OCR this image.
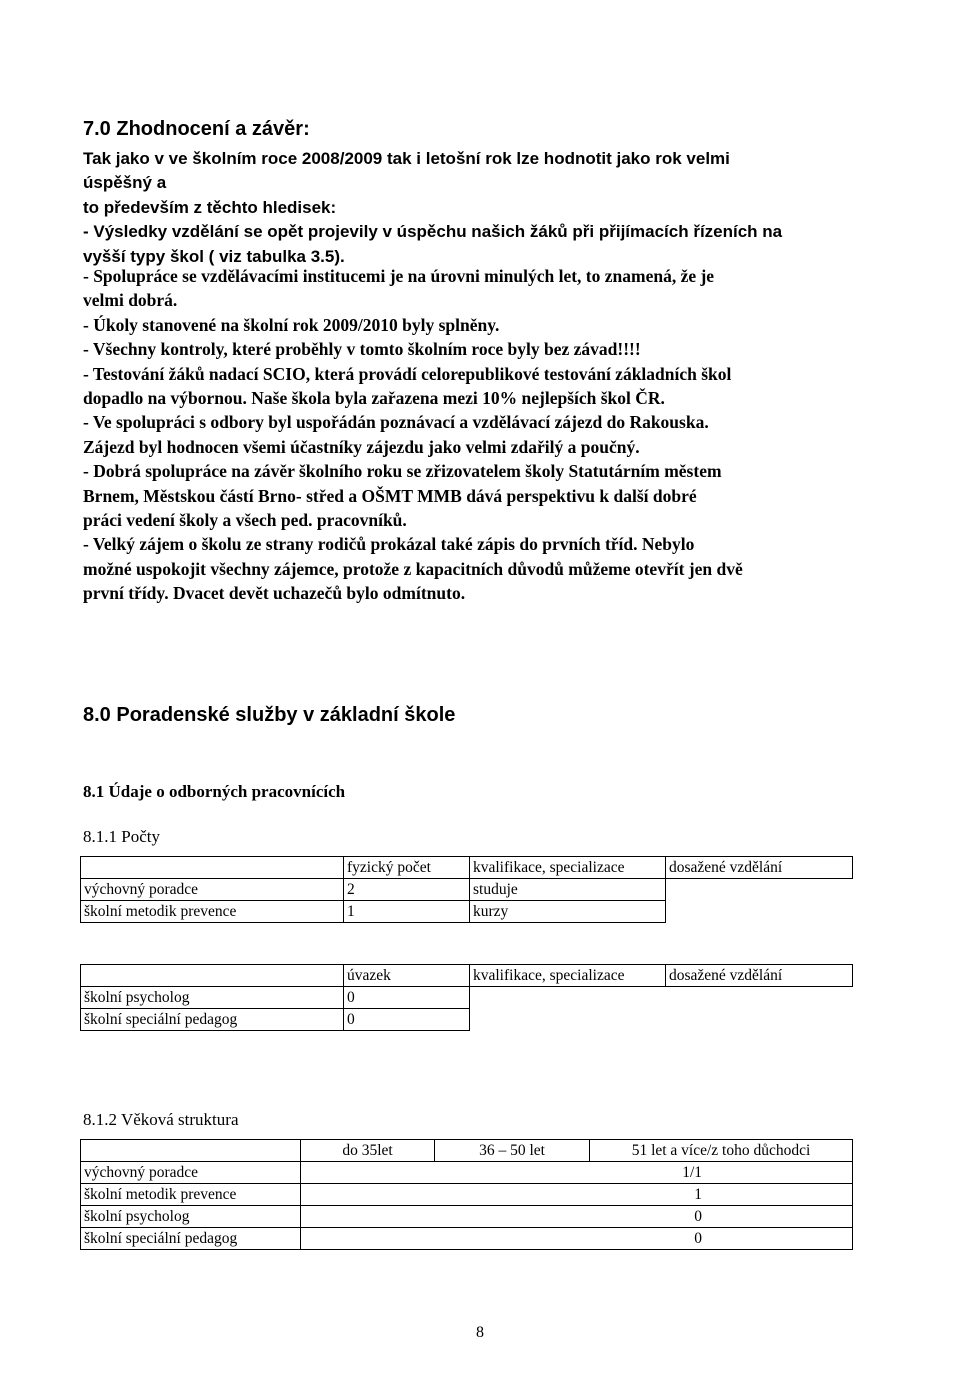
7.0 Zhodnocení a závěr:
Tak jako v ve školním roce 2008/2009 tak i letošní rok lze hodnotit jako rok velmi
úspěšný a
to především z těchto hledisek:
- Výsledky vzdělání se opět projevily v úspěchu našich žáků při přijímacích řízeních na
vyšší typy škol ( viz tabulka 3.5).
- Spolupráce se vzdělávacími institucemi je na úrovni minulých let, to znamená, že je
velmi dobrá.
- Úkoly stanovené na školní rok 2009/2010 byly splněny.
- Všechny kontroly, které proběhly v tomto školním roce byly bez závad!!!!
- Testování žáků nadací SCIO, která provádí celorepublikové testování základních škol
dopadlo na výbornou. Naše škola byla zařazena mezi 10% nejlepších škol ČR.
- Ve spolupráci s odbory byl uspořádán poznávací a vzdělávací zájezd do Rakouska.
Zájezd byl hodnocen všemi účastníky zájezdu jako velmi zdařilý a poučný.
- Dobrá spolupráce na závěr školního roku se zřizovatelem školy Statutárním městem
Brnem, Městskou částí Brno- střed a OŠMT MMB dává perspektivu k další dobré
práci vedení školy a všech ped. pracovníků.
- Velký zájem o školu ze strany rodičů prokázal také zápis do prvních tříd. Nebylo
možné uspokojit všechny zájemce, protože z kapacitních důvodů můžeme otevřít jen dvě
první třídy. Dvacet devět uchazečů bylo odmítnuto.
8.0 Poradenské služby v základní škole

8.1 Údaje o odborných pracovnících

8.1.1 Počty

	fyzický počet	kvalifikace, specializace	dosažené vzdělání
výchovný poradce	2	studuje	
školní metodik prevence	1	kurzy	
	úvazek	kvalifikace, specializace	dosažené vzdělání
školní psycholog	0		
školní speciální pedagog	0		

8.1.2 Věková struktura

	do 35let	36 – 50 let	51 let a více/z toho důchodci
výchovný poradce	1/1		
školní metodik prevence	1		
školní psycholog	0		
školní speciální pedagog	0		

8
